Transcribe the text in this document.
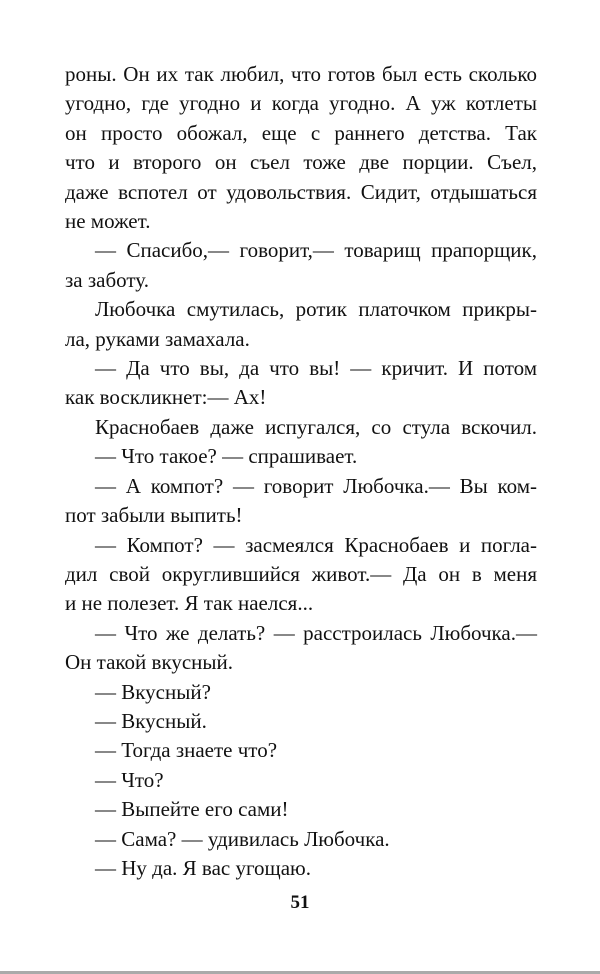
роны. Он их так любил, что готов был есть сколько
угодно, где угодно и когда угодно. А уж котлеты
он просто обожал, еще с раннего детства. Так
что и второго он съел тоже две порции. Съел,
даже вспотел от удовольствия. Сидит, отдышаться
не может.
— Спасибо,— говорит,— товарищ прапорщик,
за заботу.
Любочка смутилась, ротик платочком прикры-
ла, руками замахала.
— Да что вы, да что вы! — кричит. И потом
как воскликнет:— Ах!
Краснобаев даже испугался, со стула вскочил.
— Что такое? — спрашивает.
— А компот? — говорит Любочка.— Вы ком-
пот забыли выпить!
— Компот? — засмеялся Краснобаев и погла-
дил свой округлившийся живот.— Да он в меня
и не полезет. Я так наелся...
— Что же делать? — расстроилась Любочка.—
Он такой вкусный.
— Вкусный?
— Вкусный.
— Тогда знаете что?
— Что?
— Выпейте его сами!
— Сама? — удивилась Любочка.
— Ну да. Я вас угощаю.
51
